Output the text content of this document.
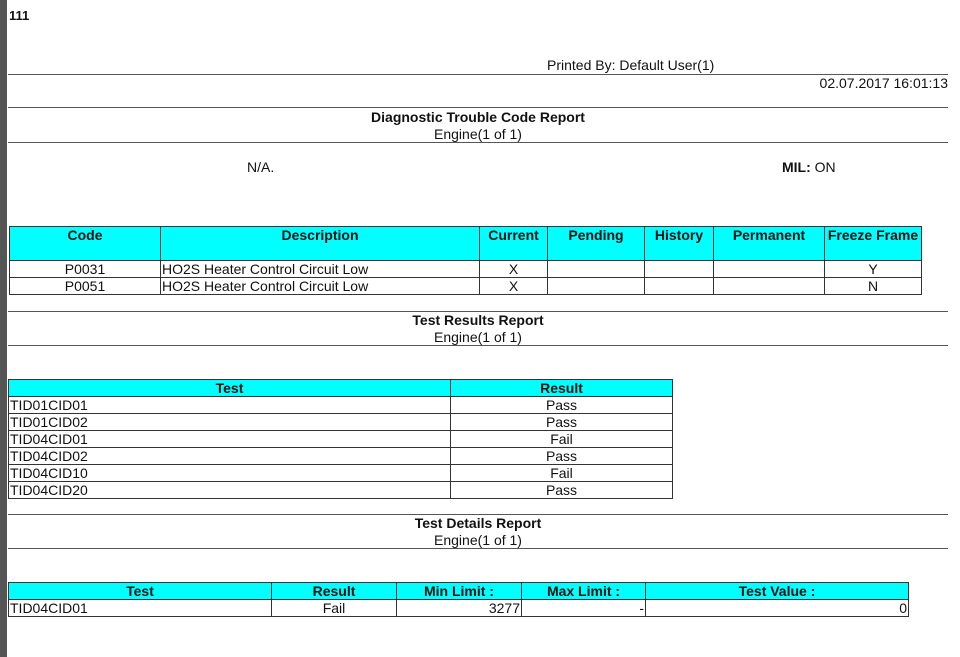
111
Printed By: Default User(1)
02.07.2017 16:01:13
Diagnostic Trouble Code Report
Engine(1 of 1)
N/A.	MIL: ON
Code	Description	Current	Pending	History	Permanent	Freeze Frame
P0031	HO2S Heater Control Circuit Low	X				Y
P0051	HO2S Heater Control Circuit Low	X				N
Test Results Report
Engine(1 of 1)
Test	Result
TID01CID01	Pass
TID01CID02	Pass
TID04CID01	Fail
TID04CID02	Pass
TID04CID10	Fail
TID04CID20	Pass
Test Details Report
Engine(1 of 1)
Test	Result	Min Limit :	Max Limit :	Test Value :
TID04CID01	Fail	3277	-	0
